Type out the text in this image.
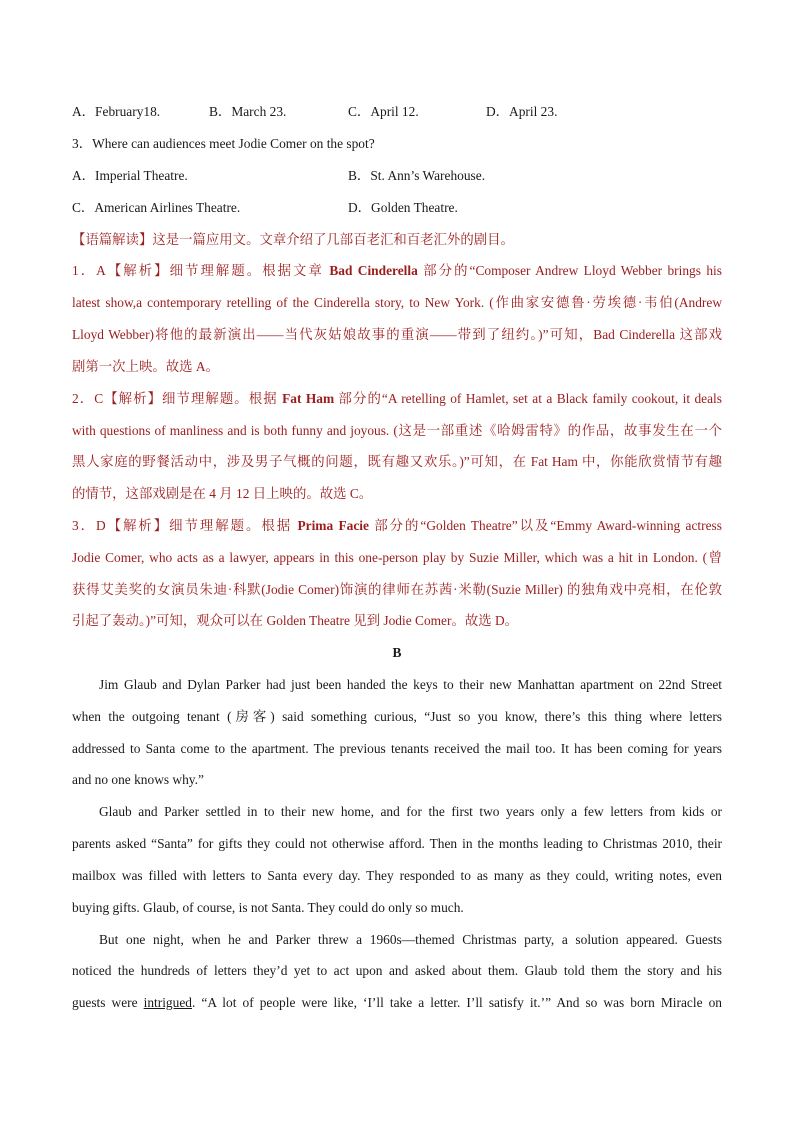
A．February18.	B．March 23.	C．April 12.	D．April 23.
3．Where can audiences meet Jodie Comer on the spot?
A．Imperial Theatre.	B．St. Ann’s Warehouse.
C．American Airlines Theatre.	D．Golden Theatre.
【语篇解读】这是一篇应用文。文章介绍了几部百老汇和百老汇外的剧目。
1．A【解析】细节理解题。根据文章 Bad Cinderella 部分的“Composer Andrew Lloyd Webber brings his
latest show,a contemporary retelling of the Cinderella story, to New York. (作曲家安德鲁·劳埃德·韦伯(Andrew
Lloyd Webber)将他的最新演出——当代灰姑娘故事的重演——带到了纽约。)”可知，Bad Cinderella 这部戏
剧第一次上映。故选 A。
2．C【解析】细节理解题。根据 Fat Ham 部分的“A retelling of Hamlet, set at a Black family cookout, it deals
with questions of manliness and is both funny and joyous. (这是一部重述《哈姆雷特》的作品，故事发生在一个
黑人家庭的野餐活动中，涉及男子气概的问题，既有趣又欢乐。)”可知，在 Fat Ham 中，你能欣赏情节有趣
的情节，这部戏剧是在 4 月 12 日上映的。故选 C。
3．D【解析】细节理解题。根据 Prima Facie 部分的“Golden Theatre”以及“Emmy Award-winning actress
Jodie Comer, who acts as a lawyer, appears in this one-person play by Suzie Miller, which was a hit in London. (曾
获得艾美奖的女演员朱迪·科默(Jodie Comer)饰演的律师在苏茜·米勒(Suzie Miller) 的独角戏中亮相，在伦敦
引起了轰动。)”可知，观众可以在 Golden Theatre 见到 Jodie Comer。故选 D。
B
Jim Glaub and Dylan Parker had just been handed the keys to their new Manhattan apartment on 22nd Street
when the outgoing tenant (房客) said something curious, “Just so you know, there’s this thing where letters
addressed to Santa come to the apartment. The previous tenants received the mail too. It has been coming for years
and no one knows why.”
Glaub and Parker settled in to their new home, and for the first two years only a few letters from kids or
parents asked “Santa” for gifts they could not otherwise afford. Then in the months leading to Christmas 2010, their
mailbox was filled with letters to Santa every day. They responded to as many as they could, writing notes, even
buying gifts. Glaub, of course, is not Santa. They could do only so much.
But one night, when he and Parker threw a 1960s—themed Christmas party, a solution appeared. Guests
noticed the hundreds of letters they’d yet to act upon and asked about them. Glaub told them the story and his
guests were intrigued. “A lot of people were like, ‘I’ll take a letter. I’ll satisfy it.’” And so was born Miracle on
